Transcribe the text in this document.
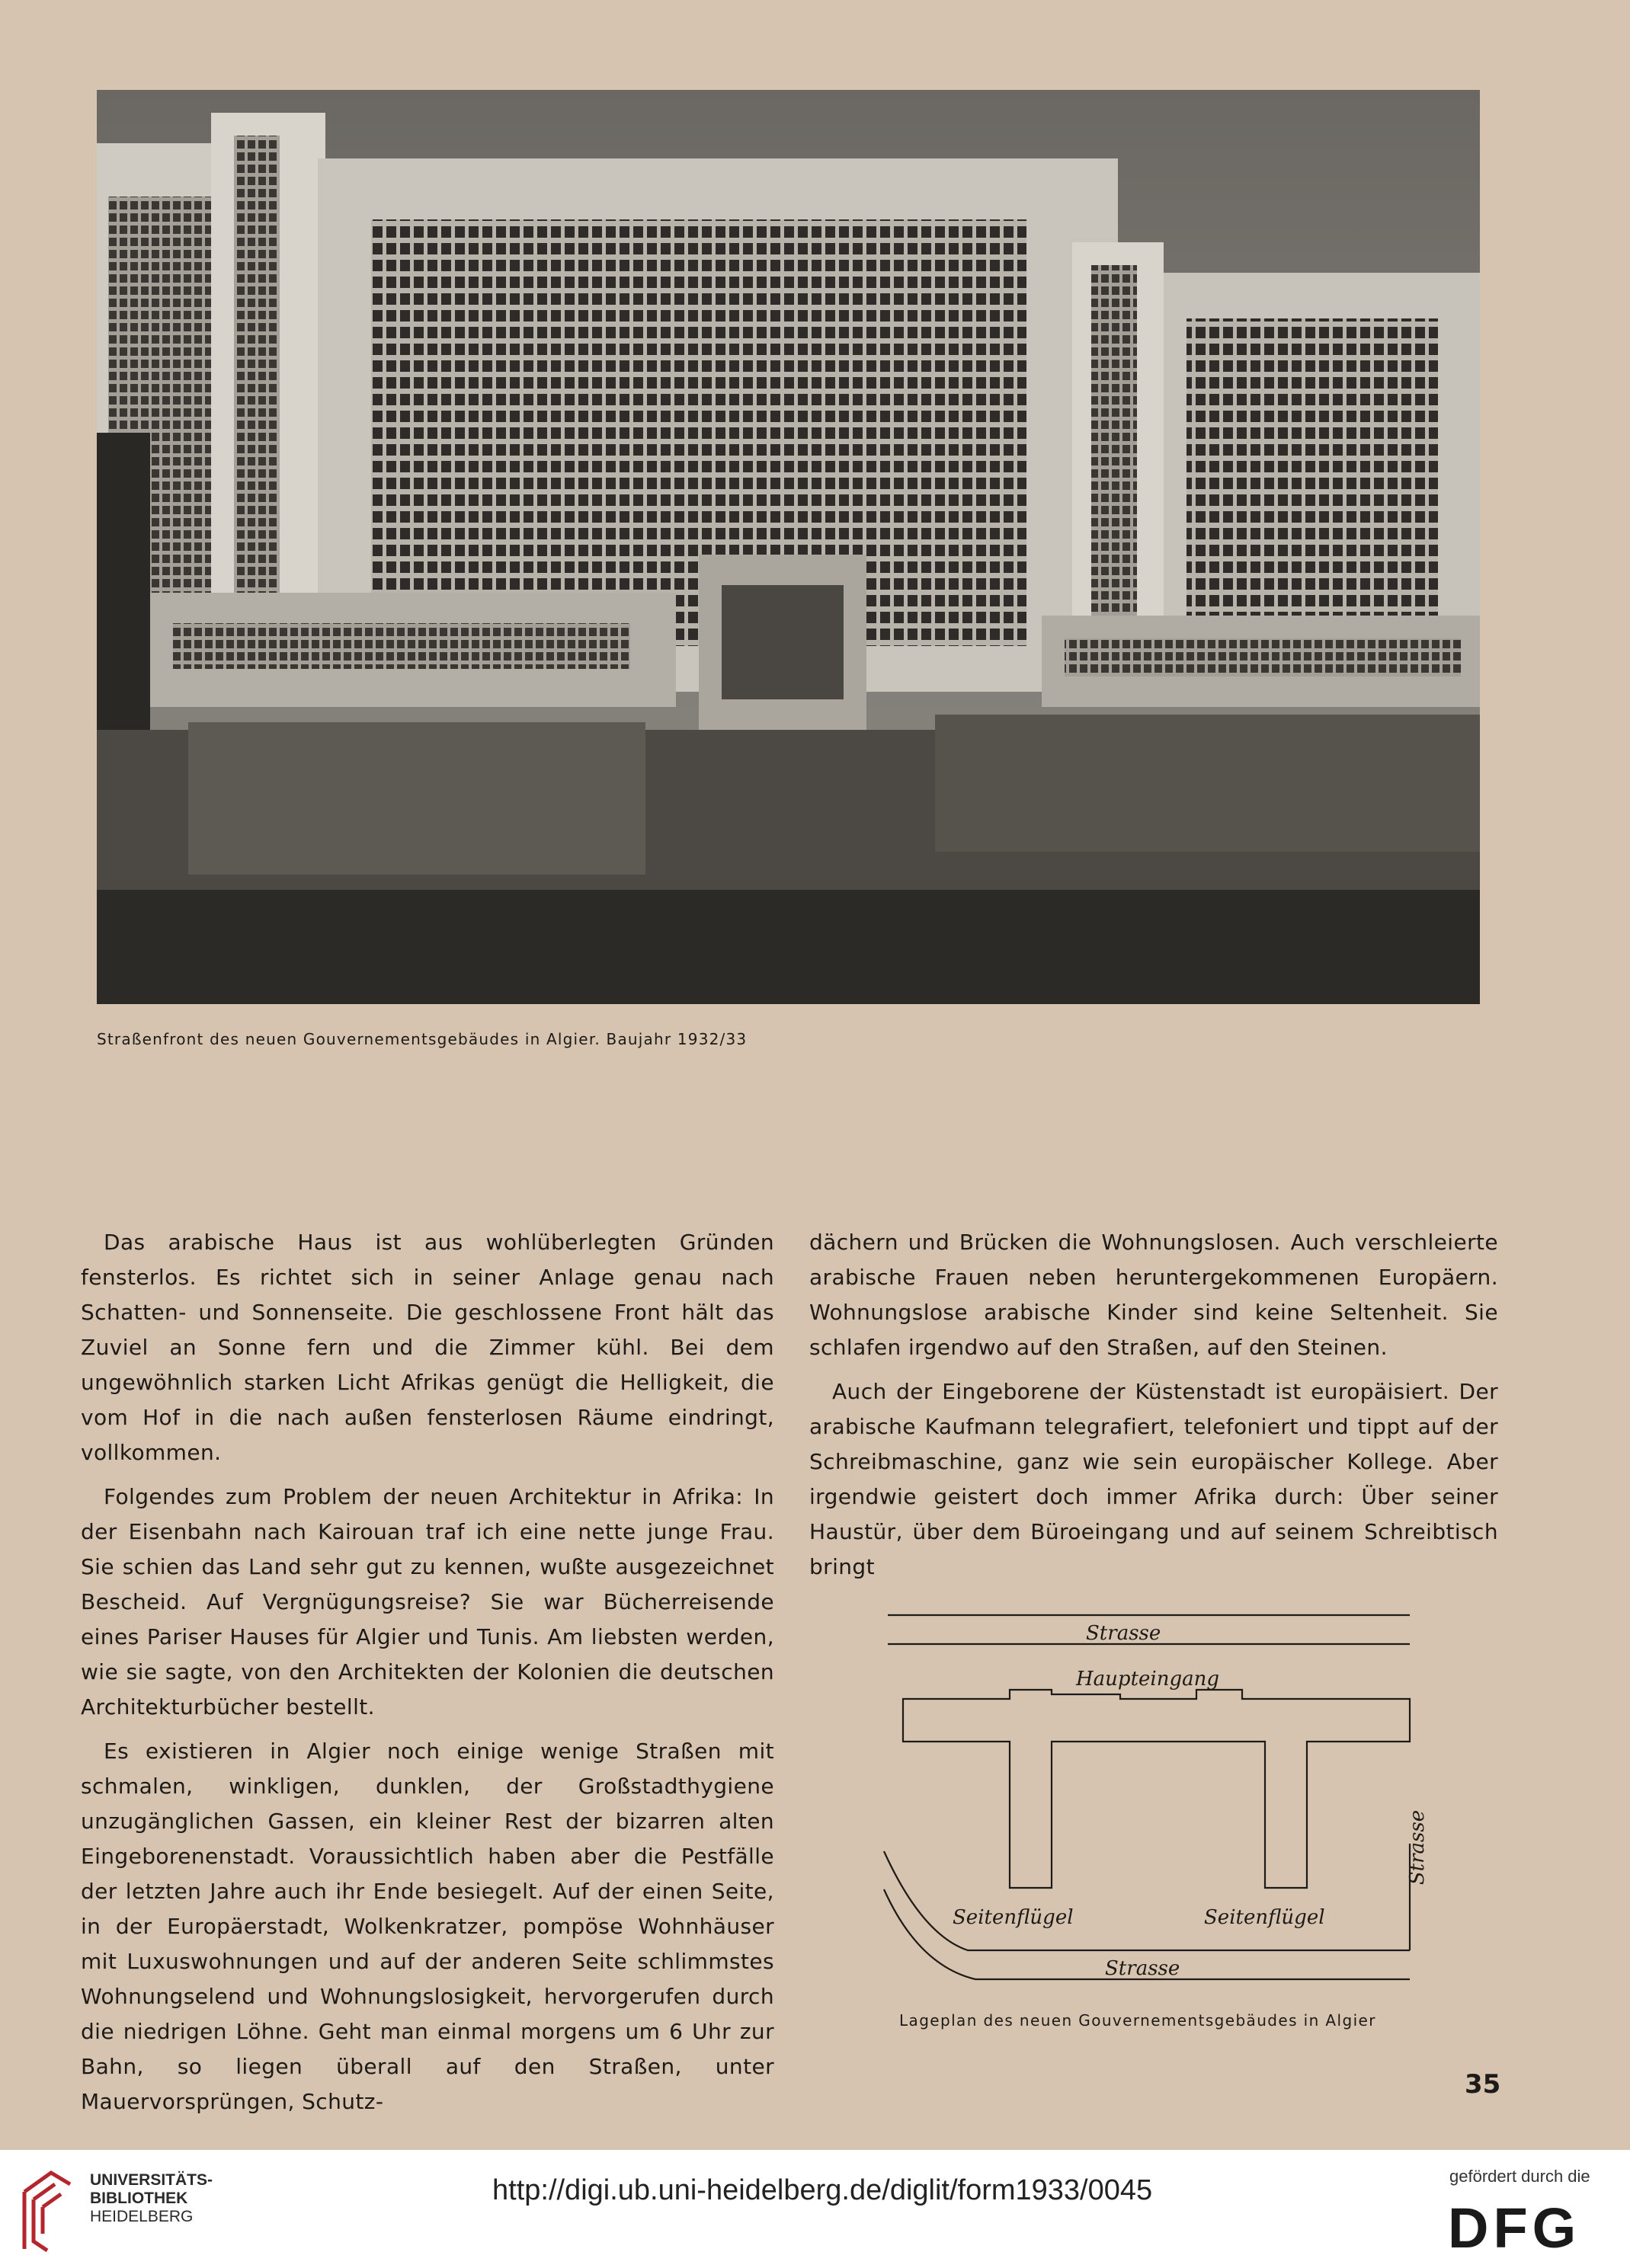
Straßenfront des neuen Gouvernementsgebäudes in Algier. Baujahr 1932/33

Das arabische Haus ist aus wohlüberlegten Gründen fensterlos. Es richtet sich in seiner Anlage genau nach Schatten- und Sonnenseite. Die geschlossene Front hält das Zuviel an Sonne fern und die Zimmer kühl. Bei dem ungewöhnlich starken Licht Afrikas genügt die Helligkeit, die vom Hof in die nach außen fensterlosen Räume eindringt, vollkommen.

Folgendes zum Problem der neuen Architektur in Afrika: In der Eisenbahn nach Kairouan traf ich eine nette junge Frau. Sie schien das Land sehr gut zu kennen, wußte ausgezeichnet Bescheid. Auf Vergnügungsreise? Sie war Bücherreisende eines Pariser Hauses für Algier und Tunis. Am liebsten werden, wie sie sagte, von den Architekten der Kolonien die deutschen Architekturbücher bestellt.

Es existieren in Algier noch einige wenige Straßen mit schmalen, winkligen, dunklen, der Großstadthygiene unzugänglichen Gassen, ein kleiner Rest der bizarren alten Eingeborenenstadt. Voraussichtlich haben aber die Pestfälle der letzten Jahre auch ihr Ende besiegelt. Auf der einen Seite, in der Europäerstadt, Wolkenkratzer, pompöse Wohnhäuser mit Luxuswohnungen und auf der anderen Seite schlimmstes Wohnungselend und Wohnungslosigkeit, hervorgerufen durch die niedrigen Löhne. Geht man einmal morgens um 6 Uhr zur Bahn, so liegen überall auf den Straßen, unter Mauervorsprüngen, Schutz-

dächern und Brücken die Wohnungslosen. Auch verschleierte arabische Frauen neben heruntergekommenen Europäern. Wohnungslose arabische Kinder sind keine Seltenheit. Sie schlafen irgendwo auf den Straßen, auf den Steinen.

Auch der Eingeborene der Küstenstadt ist europäisiert. Der arabische Kaufmann telegrafiert, telefoniert und tippt auf der Schreibmaschine, ganz wie sein europäischer Kollege. Aber irgendwie geistert doch immer Afrika durch: Über seiner Haustür, über dem Büroeingang und auf seinem Schreibtisch bringt

Strasse
Haupteingang
Seitenflügel	Seitenflügel
Strasse
Strasse
Lageplan des neuen Gouvernementsgebäudes in Algier
35
UNIVERSITÄTS-
BIBLIOTHEK
HEIDELBERG
http://digi.ub.uni-heidelberg.de/diglit/form1933/0045	gefördert durch die
DFG
